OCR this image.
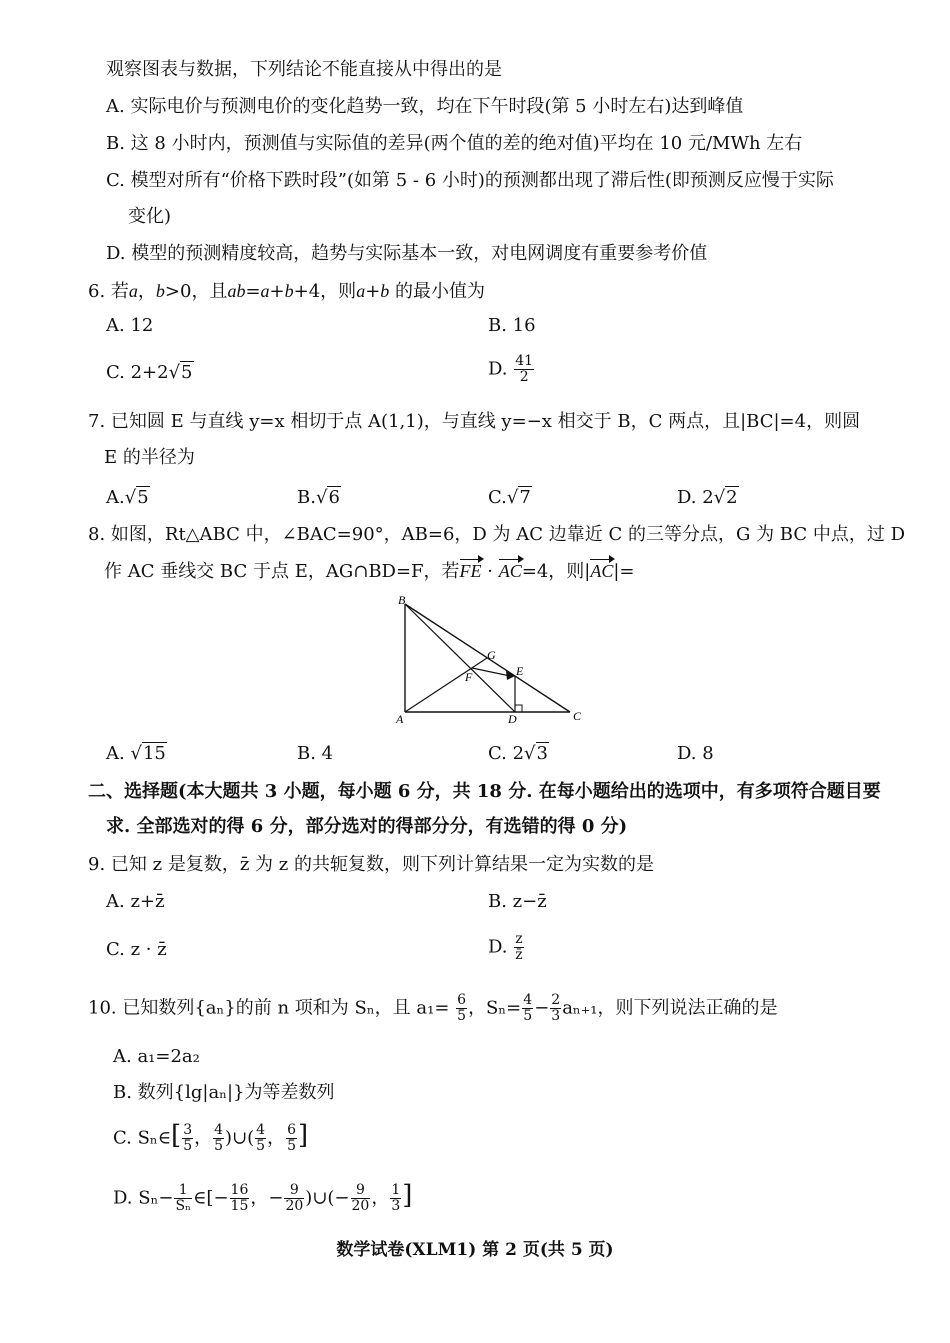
观察图表与数据，下列结论不能直接从中得出的是
A. 实际电价与预测电价的变化趋势一致，均在下午时段(第 5 小时左右)达到峰值
B. 这 8 小时内，预测值与实际值的差异(两个值的差的绝对值)平均在 10 元/MWh 左右
C. 模型对所有“价格下跌时段”(如第 5 - 6 小时)的预测都出现了滞后性(即预测反应慢于实际
变化)
D. 模型的预测精度较高，趋势与实际基本一致，对电网调度有重要参考价值
6. 若a，b>0，且ab=a+b+4，则a+b 的最小值为
A. 12	B. 16
C. 2+2√5	D. $\frac{41}{2}$
7. 已知圆 E 与直线 y=x 相切于点 A(1,1)，与直线 y=−x 相交于 B，C 两点，且|BC|=4，则圆
E 的半径为
A.√5	B.√6	C.√7	D. 2√2
8. 如图，Rt△ABC 中，∠BAC=90°，AB=6，D 为 AC 边靠近 C 的三等分点，G 为 BC 中点，过 D
作 AC 垂线交 BC 于点 E，AG∩BD=F，若FE · AC=4，则|AC|=
B
G
E
F
A	D	C
A. √15	B. 4	C. 2√3	D. 8
二、选择题(本大题共 3 小题，每小题 6 分，共 18 分. 在每小题给出的选项中，有多项符合题目要
求. 全部选对的得 6 分，部分选对的得部分分，有选错的得 0 分)
9. 已知 z 是复数，z̄ 为 z 的共轭复数，则下列计算结果一定为实数的是
A. z+z̄	B. z−z̄
C. z · z̄	D. $\frac{z}{z̄}$
10. 已知数列{aₙ}的前 n 项和为 Sₙ，且 $a_1= \frac{6}{5}$ ，$S_n= \frac{4}{5} - \frac{2}{3} a_{n+1}$，则下列说法正确的是
A. a₁=2a₂
B. 数列{lg|aₙ|}为等差数列
C. Sₙ∈[ $\frac{3}{5}$ ， $\frac{4}{5}$ )∪( $\frac{4}{5}$ ， $\frac{6}{5}$ ]
D. $S_n- \frac{1}{\text{Sₙ}}$ ∈[− $\frac{16}{15}$ ，− $\frac{9}{20}$ )∪(− $\frac{9}{20}$ ， $\frac{1}{3}$ ]
数学试卷(XLM1) 第 2 页(共 5 页)
